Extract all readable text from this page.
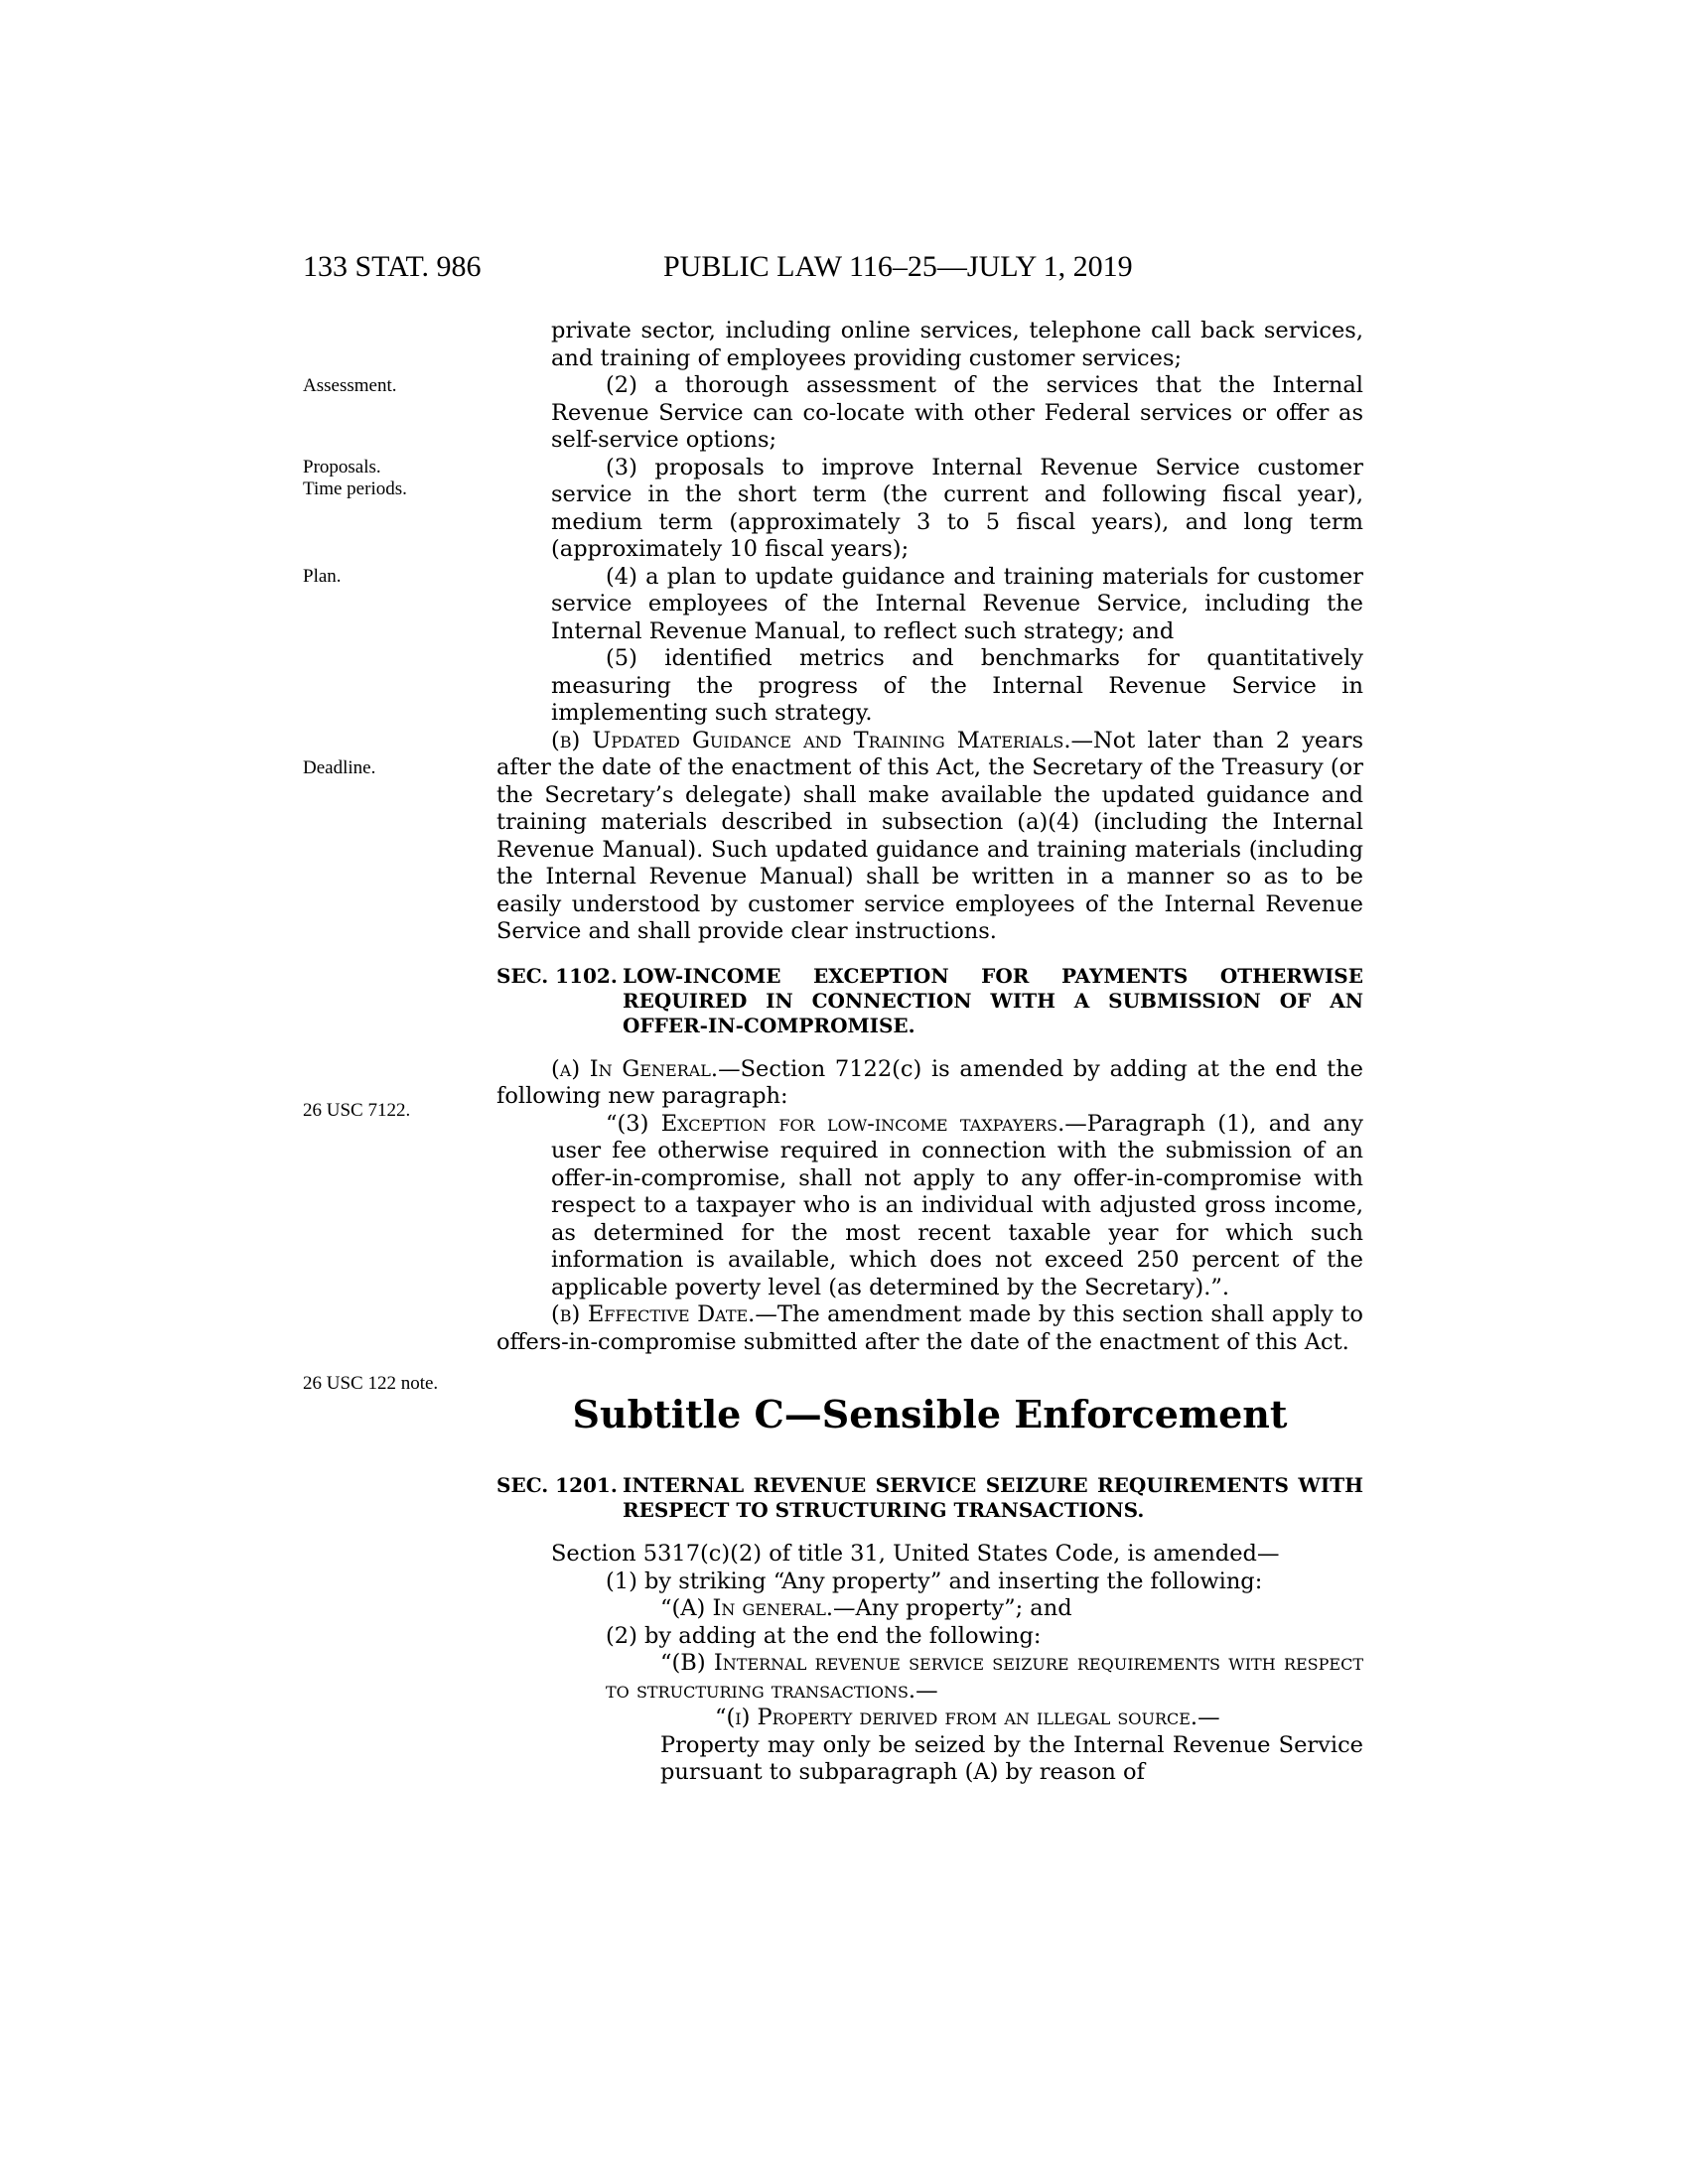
133 STAT. 986	PUBLIC LAW 116–25—JULY 1, 2019
Assessment.
Proposals.
Time periods.
Plan.
Deadline.
26 USC 7122.
26 USC 122 note.

private sector, including online services, telephone call back services, and training of employees providing customer services;

(2) a thorough assessment of the services that the Internal Revenue Service can co-locate with other Federal services or offer as self-service options;

(3) proposals to improve Internal Revenue Service customer service in the short term (the current and following fiscal year), medium term (approximately 3 to 5 fiscal years), and long term (approximately 10 fiscal years);

(4) a plan to update guidance and training materials for customer service employees of the Internal Revenue Service, including the Internal Revenue Manual, to reflect such strategy; and

(5) identified metrics and benchmarks for quantitatively measuring the progress of the Internal Revenue Service in implementing such strategy.

(b) Updated Guidance and Training Materials.—Not later than 2 years after the date of the enactment of this Act, the Secretary of the Treasury (or the Secretary’s delegate) shall make available the updated guidance and training materials described in subsection (a)(4) (including the Internal Revenue Manual). Such updated guidance and training materials (including the Internal Revenue Manual) shall be written in a manner so as to be easily understood by customer service employees of the Internal Revenue Service and shall provide clear instructions.

SEC. 1102. LOW-INCOME EXCEPTION FOR PAYMENTS OTHERWISE REQUIRED IN CONNECTION WITH A SUBMISSION OF AN OFFER-IN-COMPROMISE.

(a) In General.—Section 7122(c) is amended by adding at the end the following new paragraph:

“(3) Exception for low-income taxpayers.—Paragraph (1), and any user fee otherwise required in connection with the submission of an offer-in-compromise, shall not apply to any offer-in-compromise with respect to a taxpayer who is an individual with adjusted gross income, as determined for the most recent taxable year for which such information is available, which does not exceed 250 percent of the applicable poverty level (as determined by the Secretary).”.

(b) Effective Date.—The amendment made by this section shall apply to offers-in-compromise submitted after the date of the enactment of this Act.

Subtitle C—Sensible Enforcement

SEC. 1201. INTERNAL REVENUE SERVICE SEIZURE REQUIREMENTS WITH RESPECT TO STRUCTURING TRANSACTIONS.

Section 5317(c)(2) of title 31, United States Code, is amended—

(1) by striking “Any property” and inserting the following:

“(A) In general.—Any property”; and

(2) by adding at the end the following:

“(B) Internal revenue service seizure requirements with respect to structuring transactions.—

“(i) Property derived from an illegal source.—

Property may only be seized by the Internal Revenue Service pursuant to subparagraph (A) by reason of
